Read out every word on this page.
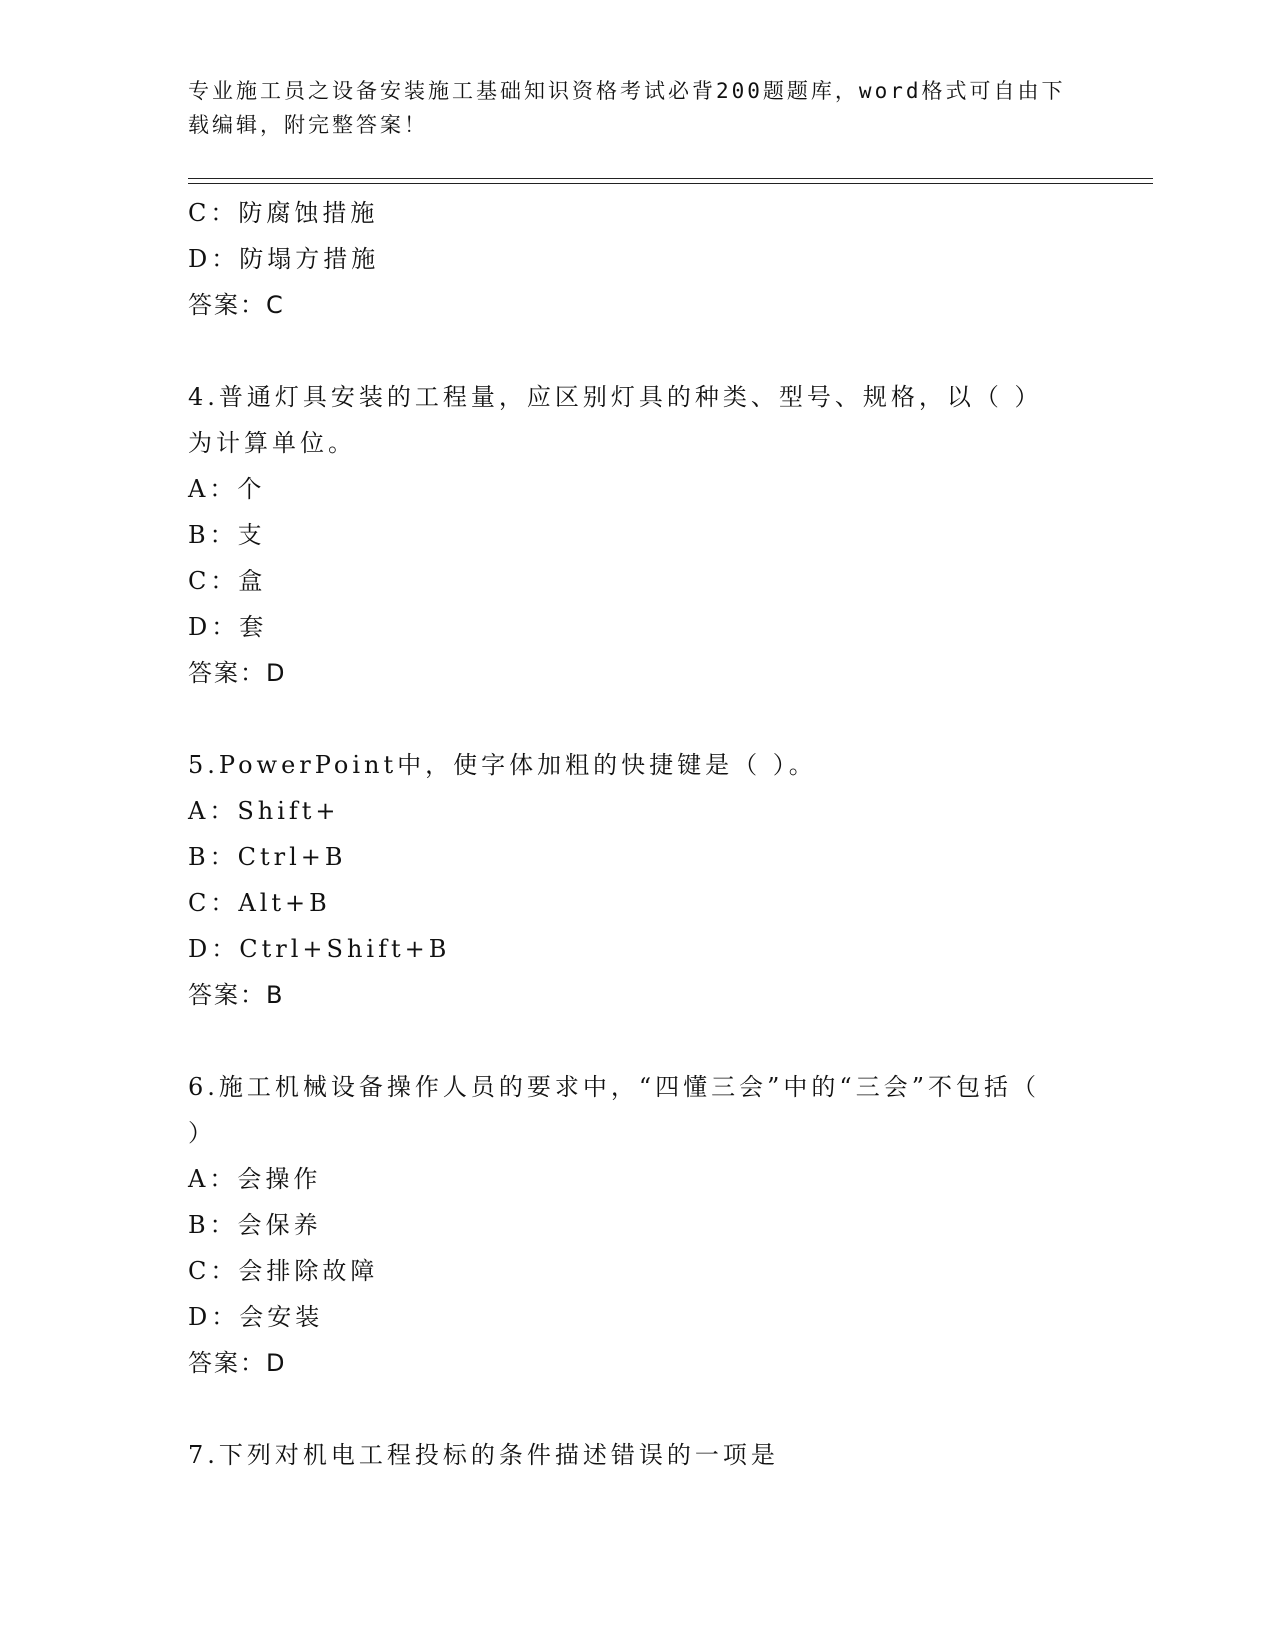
专业施工员之设备安装施工基础知识资格考试必背200题题库，word格式可自由下载编辑，附完整答案！
C：防腐蚀措施
D：防塌方措施
答案：C
4.普通灯具安装的工程量，应区别灯具的种类、型号、规格，以（ ）为计算单位。
A：个
B：支
C：盒
D：套
答案：D
5.PowerPoint中，使字体加粗的快捷键是（ ）。
A：Shift+
B：Ctrl+B
C：Alt+B
D：Ctrl+Shift+B
答案：B
6.施工机械设备操作人员的要求中，“四懂三会”中的“三会”不包括（ ）
A：会操作
B：会保养
C：会排除故障
D：会安装
答案：D
7.下列对机电工程投标的条件描述错误的一项是
